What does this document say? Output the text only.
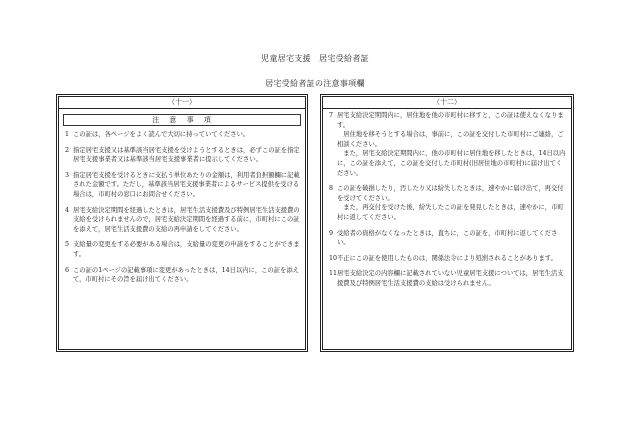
児童居宅支援　居宅受給者証
居宅受給者証の注意事項欄
（十一）
注 意 事 項
1 この証は，各ページをよく読んで大切に持っていてください。
2 指定居宅支援又は基準該当居宅支援を受けようとするときは，必ずこの証を指定居宅支援事業者又は基準該当居宅支援事業者に提示してください。
3 指定居宅支援を受けるときに支払う単位あたりの金額は，利用者負担額欄に記載された金額です。ただし，基準該当居宅支援事業者によるサービス提供を受ける場合は，市町村の窓口にお問合せください。
4 居宅支給決定期間を経過したときは，居宅生活支援費及び特例居宅生活支援費の支給を受けられませんので，居宅支給決定期間を経過する前に，市町村にこの証を添えて，居宅生活支援費の支給の再申請をしてください。
5 支給量の変更をする必要がある場合は，支給量の変更の申請をすることができます。
6 この証の1ページの記載事項に変更があったときは，14日以内に，この証を添えて，市町村にその旨を届け出てください。
（十二）
7 居宅支給決定期間内に，居住地を他の市町村に移すと，この証は使えなくなります。
居住地を移そうとする場合は，事前に，この証を交付した市町村にご連絡，ご相談ください。
また，居宅支給決定期間内に，他の市町村に居住地を移したときは，14日以内に，この証を添えて，この証を交付した市町村(旧居住地の市町村)に届け出てください。
8 この証を破損したり，汚したり又は紛失したときは，速やかに届け出て，再交付を受けてください。
また，再交付を受けた後，紛失したこの証を発見したときは，速やかに，市町村に返してください。
9 受給者の資格がなくなったときは，直ちに，この証を，市町村に返してください。
10不正にこの証を使用したものは，関係法令により処罰されることがあります。
11居宅支給決定の内容欄に記載されていない児童居宅支援については，居宅生活支援費及び特例居宅生活支援費の支給は受けられません。
